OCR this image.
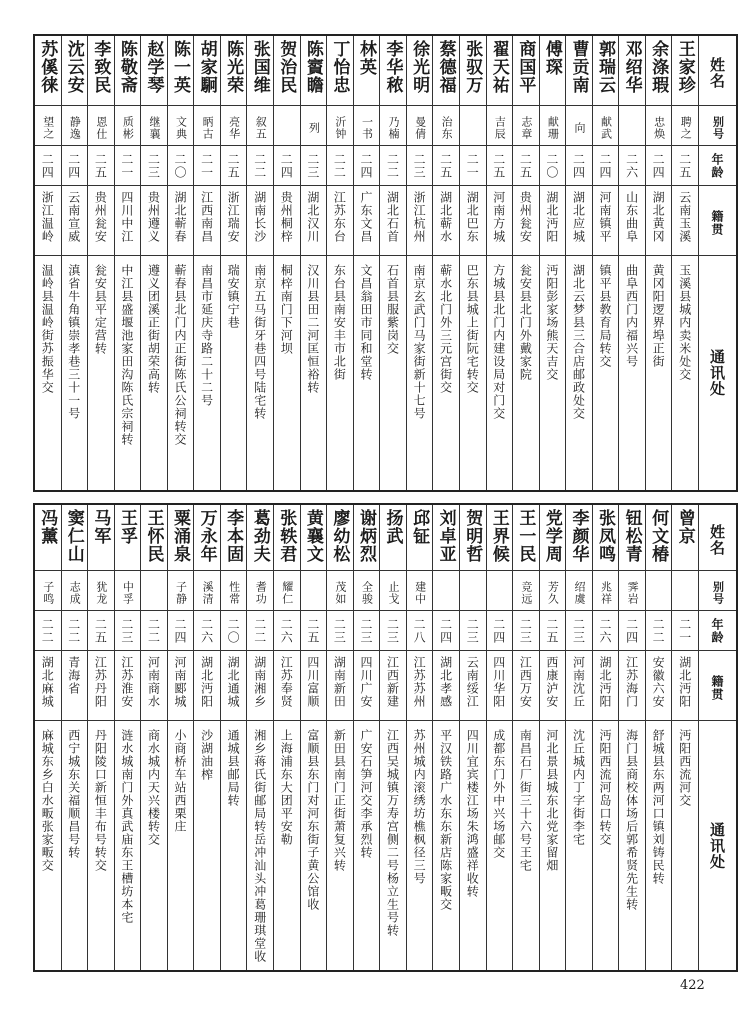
姓名
别号
年龄
籍贯
通讯处
王家珍
聘之
二五
云南玉溪
玉溪县城内卖米处交
余涤瑕
忠焕
二四
湖北黄冈
黄冈阳逻界埠正街
邓绍华
二六
山东曲阜
曲阜西门内福兴号
郭瑞云
献武
二四
河南镇平
镇平县教育局转交
曹贡南
向
二四
湖北应城
湖北云梦县三合店邮政处交
傅琛
献珊
二〇
湖北沔阳
沔阳彭家场熊天吉交
商国平
志章
二五
贵州瓮安
瓮安县北门外戴家院
翟天祐
吉辰
二五
河南方城
方城县北门内建设局对门交
张驭万
二一
湖北巴东
巴东县城上街阮宅转交
蔡德福
治东
二五
湖北蕲水
蕲水北门外三元宫街交
徐光明
曼倩
二三
浙江杭州
南京玄武门马家街新十七号
李华秾
乃楠
二二
湖北石首
石首县服紫岗交
林英
一书
二四
广东文昌
文昌翁田市同和堂转
丁怡忠
沂钟
二二
江苏东台
东台县南安丰市北街
陈賨瞻
列
二三
湖北汉川
汉川县田二河匡恒裕转
贺治民
二四
贵州桐梓
桐梓南门下河坝
张国维
叙五
二二
湖南长沙
南京五马街牙巷四号陆宅转
陈光荣
亮华
二五
浙江瑞安
瑞安镇宁巷
胡家駉
昞古
二一
江西南昌
南昌市延庆寺路二十二号
陈一英
文典
二〇
湖北蕲春
蕲春县北门内正街陈氏公祠转交
赵学琴
继襄
二三
贵州遵义
遵义团溪正街胡荣高转
陈敬斋
质彬
二一
四川中江
中江县盛堰池家田沟陈氏宗祠转
李致民
恩仕
二五
贵州瓮安
瓮安县平定营转
沈云安
静逸
二四
云南宣威
滇省牛角镇崇孝巷三十一号
苏傒徕
望之
二四
浙江温岭
温岭县温岭街苏振华交
姓名
别号
年龄
籍贯
通讯处
曾京
二一
湖北沔阳
沔阳西流河交
何文椿
二二
安徽六安
舒城县东两河口镇刘铸民转
钮松青
霁岩
二四
江苏海门
海门县商校体场后郭希贤先生转
张凤鸣
兆祥
二六
湖北沔阳
沔阳西流河岛口转交
李颜华
绍虞
二三
河南沈丘
沈丘城内丁字街李宅
党学周
芳久
二五
西康泸安
河北景县城东北党家留畑
王一民
竞远
二三
江西万安
南昌石厂街三十六号王宅
王界候
二四
四川华阳
成都东门外中兴场邮交
贺明哲
二三
云南绥江
四川宜宾楼江场朱鸿盛祥收转
刘卓亚
二四
湖北孝感
平汉铁路广水东东新店陈家畈交
邱钲
建中
二八
江苏苏州
苏州城内滚绣坊樵枫径三号
扬武
止戈
二三
江西新建
江西吴城镇万寿宫侧二号杨立生号转
谢炳烈
全骏
二三
四川广安
广安石笋河交李承烈转
廖幼松
茂如
二三
湖南新田
新田县南门正街萧复兴转
黄襄文
二五
四川富顺
富顺县东门对河东街子黄公馆收
张轶君
耀仁
二六
江苏奉贤
上海浦东大团平安勒
葛劲夫
耆功
二二
湖南湘乡
湘乡蒋氏街邮局转岳冲汕头冲葛珊琪堂收
李本固
性常
二〇
湖北通城
通城县邮局转
万永年
溪清
二六
湖北沔阳
沙湖油榨
粟涌泉
子静
二四
河南郾城
小商桥车站西栗庄
王怀民
二二
河南商水
商水城内天兴楼转交
王孚
中孚
二三
江苏淮安
涟水城南门外真武庙东王槽坊本宅
马军
犹龙
二五
江苏丹阳
丹阳陵口新恒丰布号转交
窦仁山
志成
二二
青海省
西宁城东关福顺昌号转
冯薰
子鸣
二二
湖北麻城
麻城东乡白水畈张家畈交
422
